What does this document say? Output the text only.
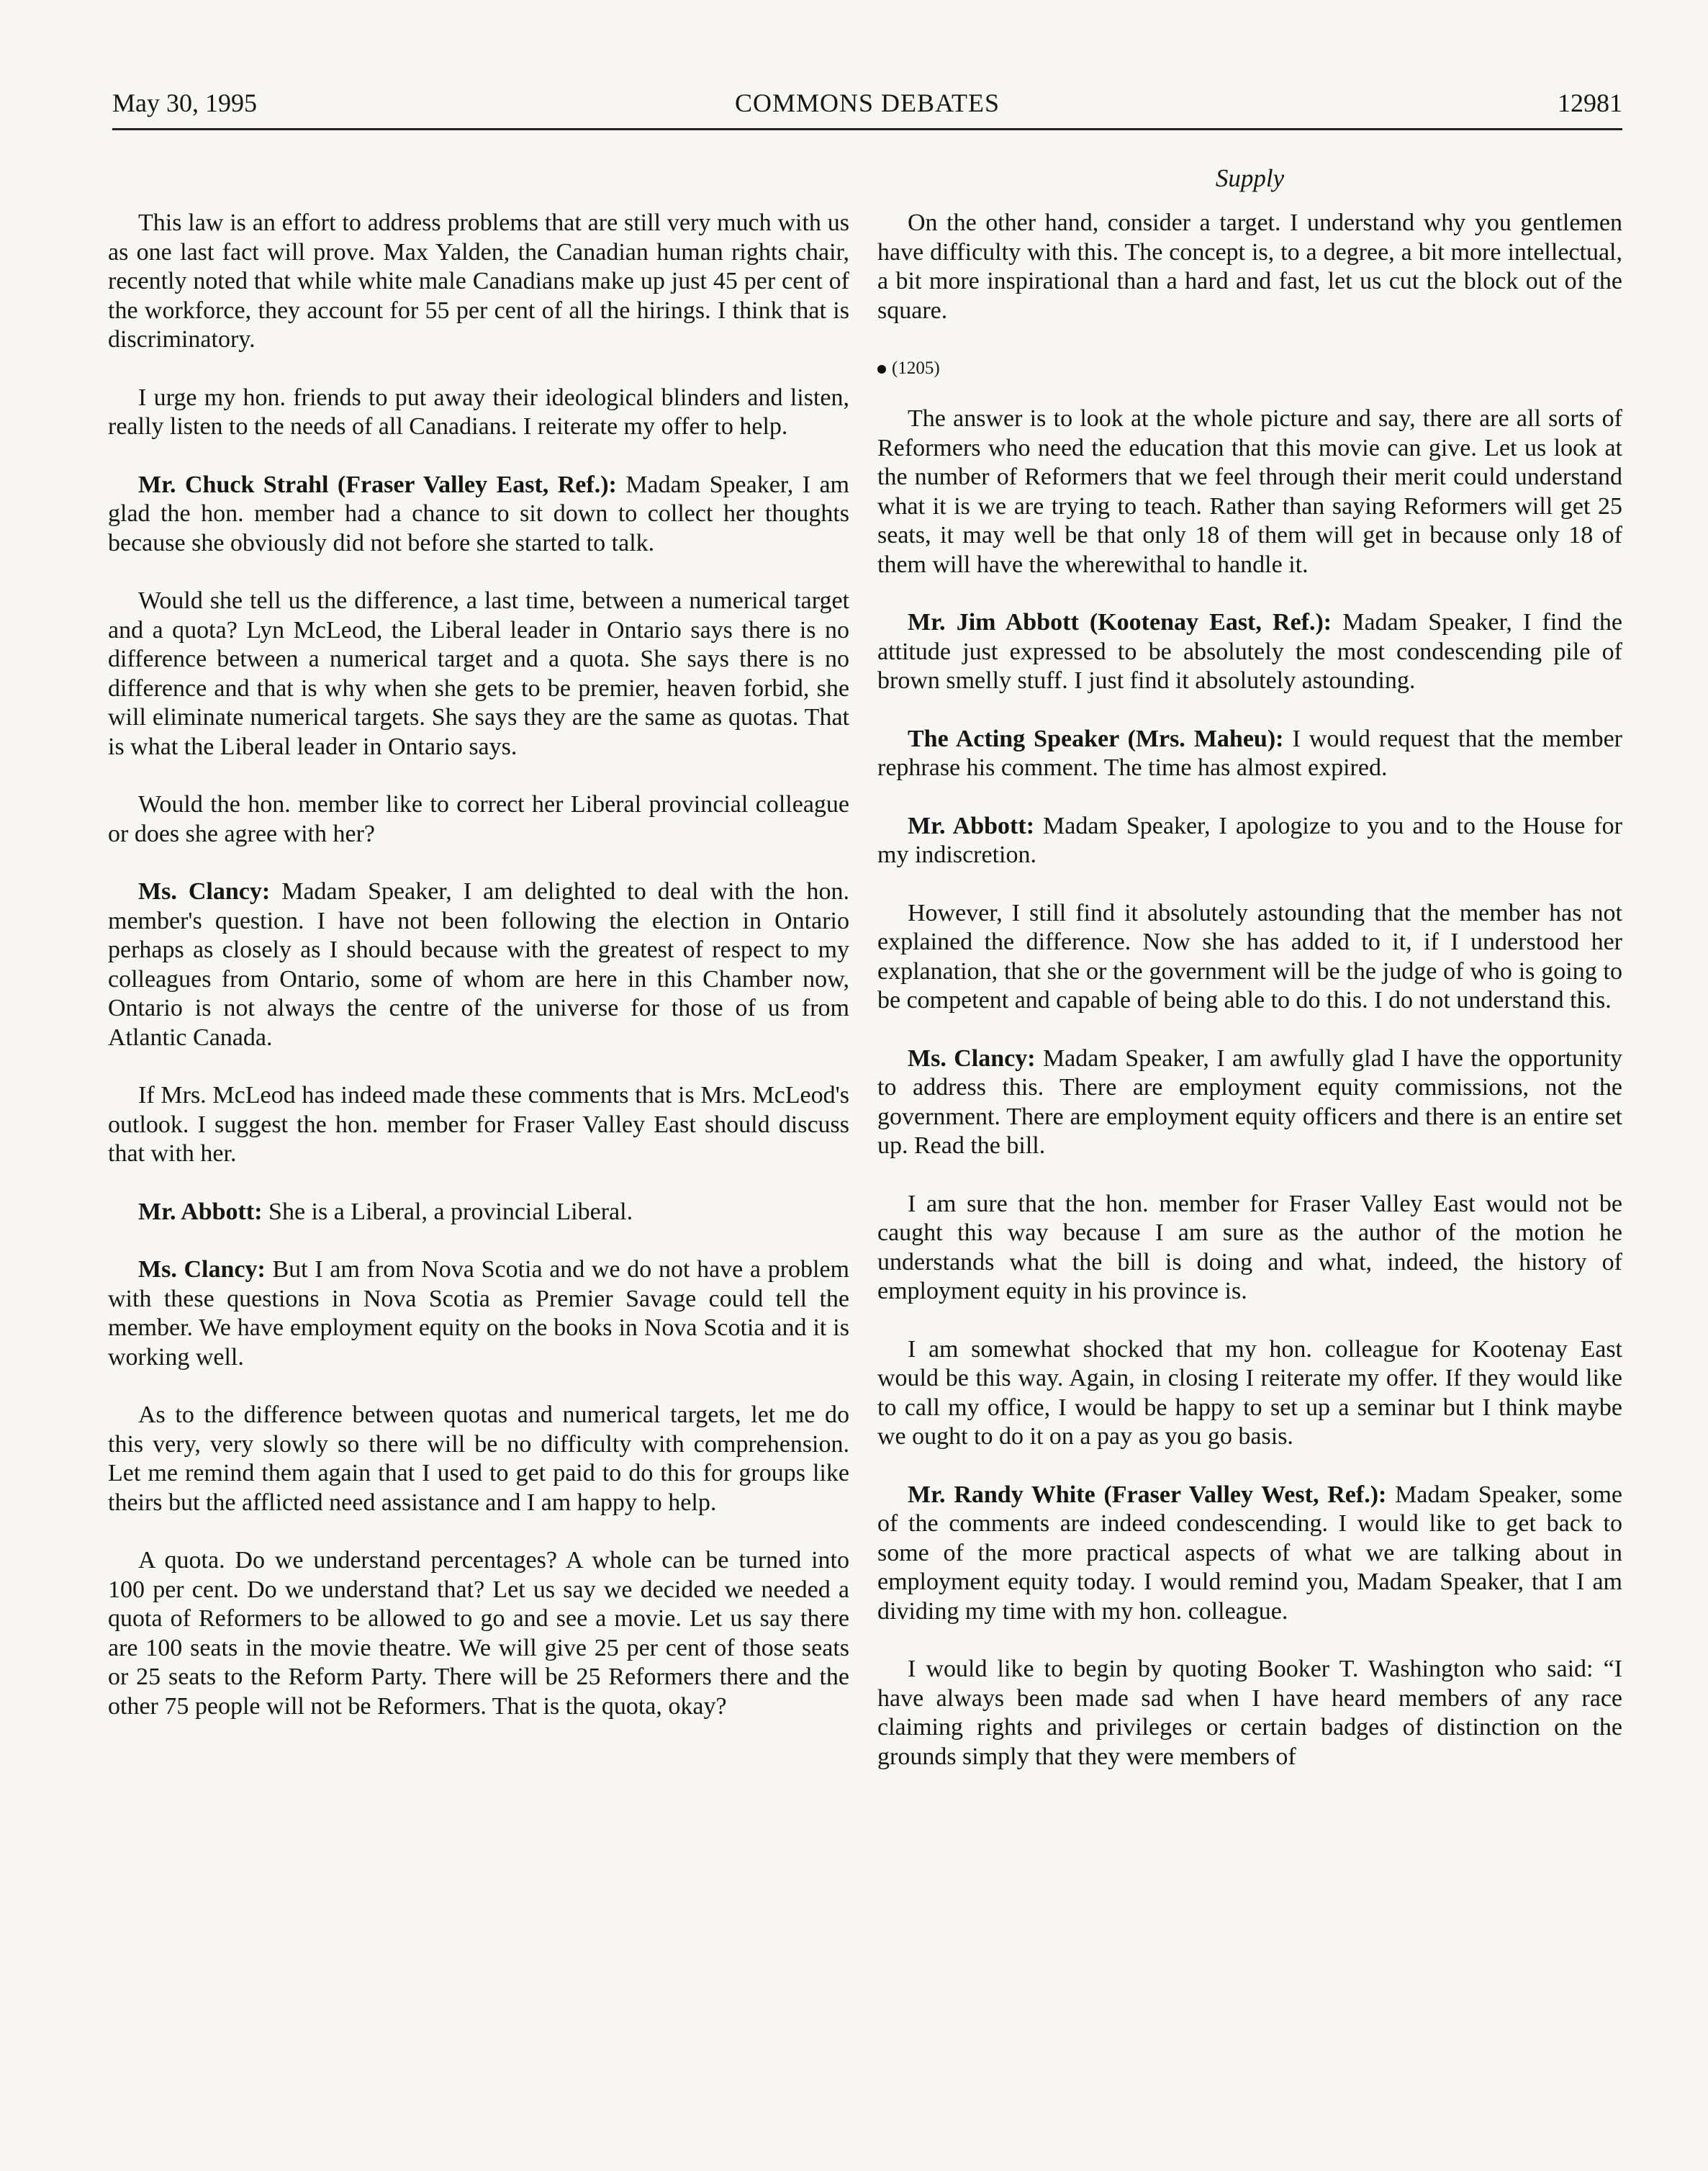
COMMONS DEBATES
May 30, 1995	12981
Supply

This law is an effort to address problems that are still very much with us as one last fact will prove. Max Yalden, the Canadian human rights chair, recently noted that while white male Canadians make up just 45 per cent of the workforce, they account for 55 per cent of all the hirings. I think that is discriminatory.

I urge my hon. friends to put away their ideological blinders and listen, really listen to the needs of all Canadians. I reiterate my offer to help.

Mr. Chuck Strahl (Fraser Valley East, Ref.): Madam Speaker, I am glad the hon. member had a chance to sit down to collect her thoughts because she obviously did not before she started to talk.

Would she tell us the difference, a last time, between a numerical target and a quota? Lyn McLeod, the Liberal leader in Ontario says there is no difference between a numerical target and a quota. She says there is no difference and that is why when she gets to be premier, heaven forbid, she will eliminate numerical targets. She says they are the same as quotas. That is what the Liberal leader in Ontario says.

Would the hon. member like to correct her Liberal provincial colleague or does she agree with her?

Ms. Clancy: Madam Speaker, I am delighted to deal with the hon. member's question. I have not been following the election in Ontario perhaps as closely as I should because with the greatest of respect to my colleagues from Ontario, some of whom are here in this Chamber now, Ontario is not always the centre of the universe for those of us from Atlantic Canada.

If Mrs. McLeod has indeed made these comments that is Mrs. McLeod's outlook. I suggest the hon. member for Fraser Valley East should discuss that with her.

Mr. Abbott: She is a Liberal, a provincial Liberal.

Ms. Clancy: But I am from Nova Scotia and we do not have a problem with these questions in Nova Scotia as Premier Savage could tell the member. We have employment equity on the books in Nova Scotia and it is working well.

As to the difference between quotas and numerical targets, let me do this very, very slowly so there will be no difficulty with comprehension. Let me remind them again that I used to get paid to do this for groups like theirs but the afflicted need assistance and I am happy to help.

A quota. Do we understand percentages? A whole can be turned into 100 per cent. Do we understand that? Let us say we decided we needed a quota of Reformers to be allowed to go and see a movie. Let us say there are 100 seats in the movie theatre. We will give 25 per cent of those seats or 25 seats to the Reform Party. There will be 25 Reformers there and the other 75 people will not be Reformers. That is the quota, okay?

On the other hand, consider a target. I understand why you gentlemen have difficulty with this. The concept is, to a degree, a bit more intellectual, a bit more inspirational than a hard and fast, let us cut the block out of the square.

(1205)

The answer is to look at the whole picture and say, there are all sorts of Reformers who need the education that this movie can give. Let us look at the number of Reformers that we feel through their merit could understand what it is we are trying to teach. Rather than saying Reformers will get 25 seats, it may well be that only 18 of them will get in because only 18 of them will have the wherewithal to handle it.

Mr. Jim Abbott (Kootenay East, Ref.): Madam Speaker, I find the attitude just expressed to be absolutely the most condescending pile of brown smelly stuff. I just find it absolutely astounding.

The Acting Speaker (Mrs. Maheu): I would request that the member rephrase his comment. The time has almost expired.

Mr. Abbott: Madam Speaker, I apologize to you and to the House for my indiscretion.

However, I still find it absolutely astounding that the member has not explained the difference. Now she has added to it, if I understood her explanation, that she or the government will be the judge of who is going to be competent and capable of being able to do this. I do not understand this.

Ms. Clancy: Madam Speaker, I am awfully glad I have the opportunity to address this. There are employment equity commissions, not the government. There are employment equity officers and there is an entire set up. Read the bill.

I am sure that the hon. member for Fraser Valley East would not be caught this way because I am sure as the author of the motion he understands what the bill is doing and what, indeed, the history of employment equity in his province is.

I am somewhat shocked that my hon. colleague for Kootenay East would be this way. Again, in closing I reiterate my offer. If they would like to call my office, I would be happy to set up a seminar but I think maybe we ought to do it on a pay as you go basis.

Mr. Randy White (Fraser Valley West, Ref.): Madam Speaker, some of the comments are indeed condescending. I would like to get back to some of the more practical aspects of what we are talking about in employment equity today. I would remind you, Madam Speaker, that I am dividing my time with my hon. colleague.

I would like to begin by quoting Booker T. Washington who said: “I have always been made sad when I have heard members of any race claiming rights and privileges or certain badges of distinction on the grounds simply that they were members of
